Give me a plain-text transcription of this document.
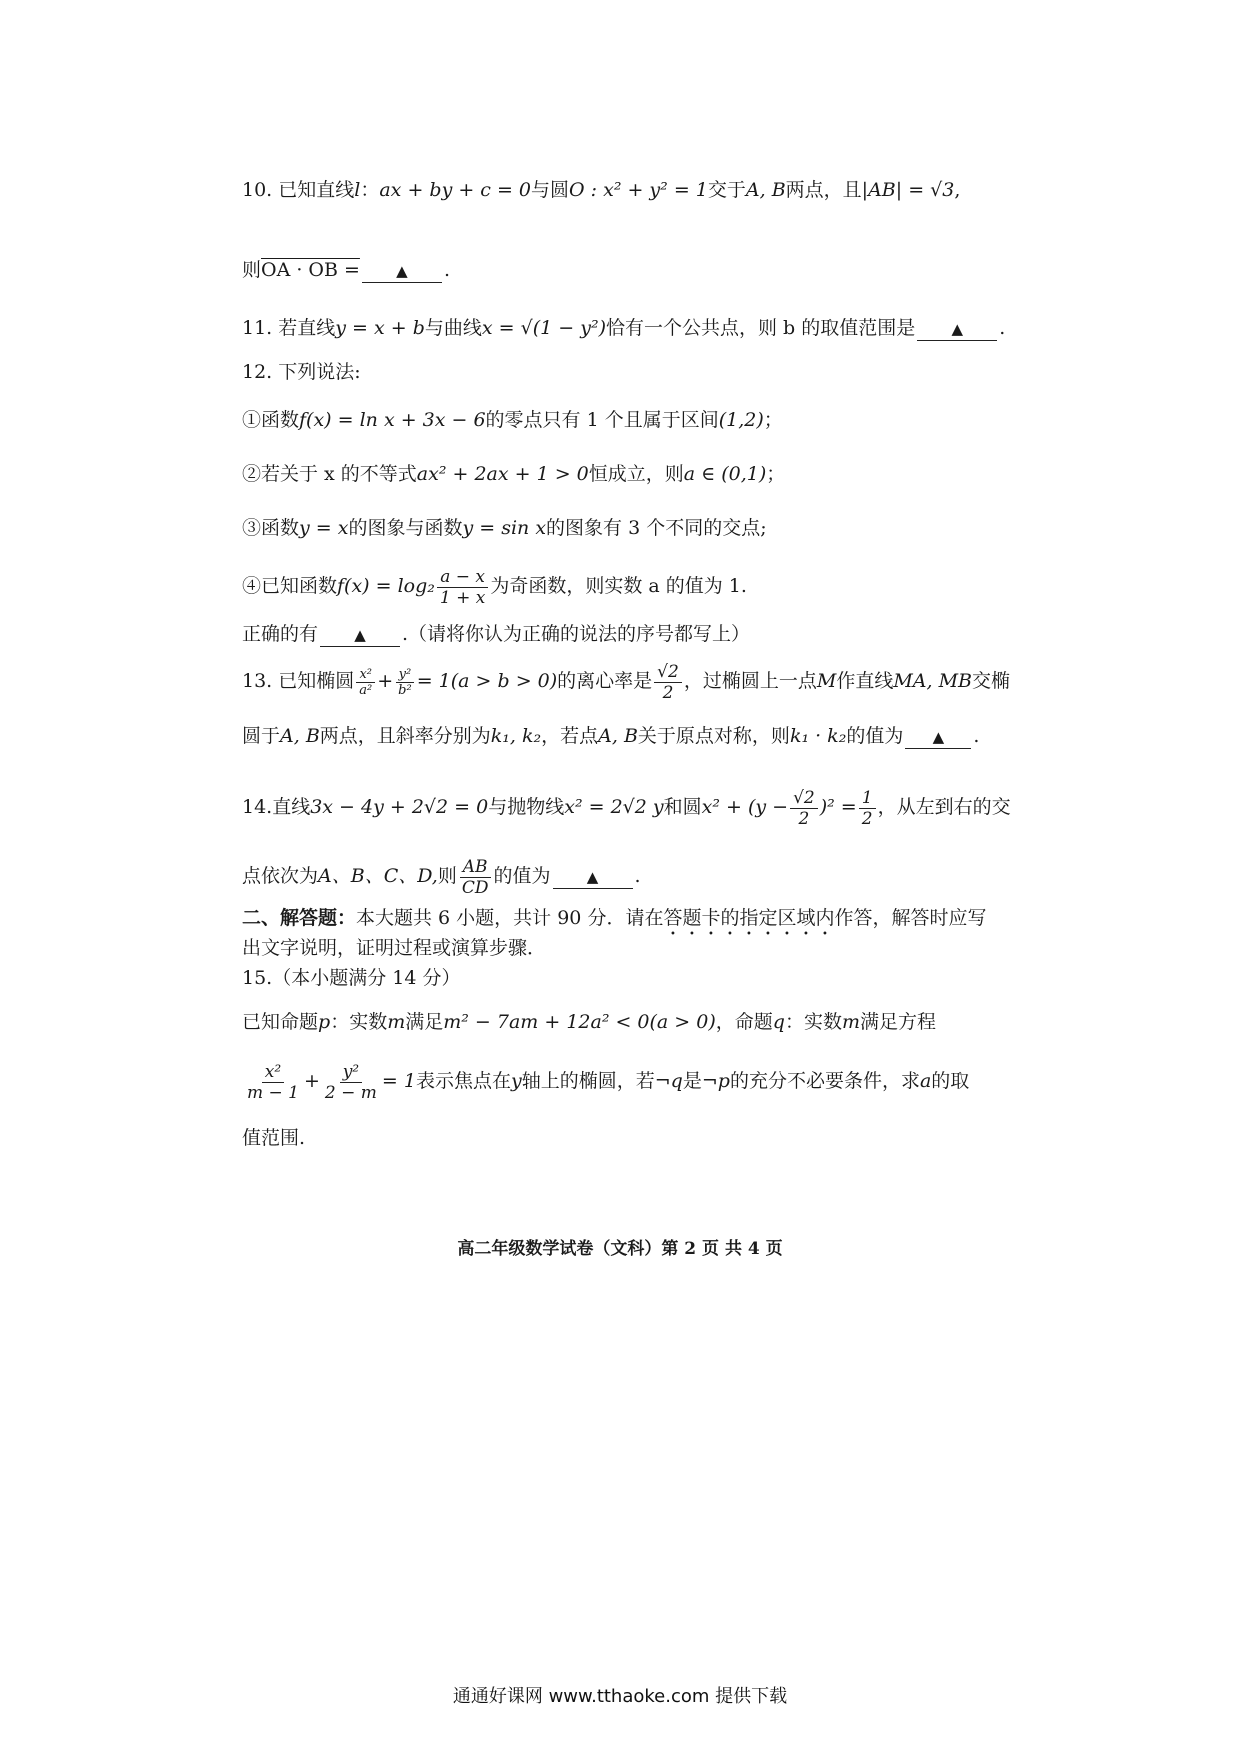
10. 已知直线l：ax + by + c = 0与圆O : x² + y² = 1交于A, B两点，且|AB| = √3,
则OA · OB = ▲ .
11. 若直线y = x + b与曲线x = √(1 − y²)恰有一个公共点，则 b 的取值范围是 ▲ .
12. 下列说法:
①函数f(x) = ln x + 3x − 6的零点只有 1 个且属于区间(1,2)；
②若关于 x 的不等式ax² + 2ax + 1 > 0恒成立，则a ∈ (0,1)；
③函数y = x的图象与函数y = sin x的图象有 3 个不同的交点;
④已知函数$f(x) = \log_2 \frac{a - x}{1 + x}$ 为奇函数，则实数 a 的值为 1.
正确的有 ▲ .（请将你认为正确的说法的序号都写上）
13. 已知椭圆 $\frac{\text{x²}}{\text{a²}} + \frac{\text{y²}}{\text{b²}} = 1(a > b > 0)$的离心率是 $\frac{√2}{2}$ ，过椭圆上一点M作直线MA, MB交椭
圆于A, B两点，且斜率分别为k₁, k₂，若点A, B关于原点对称，则k₁ · k₂的值为 ▲ .
14.直线3x − 4y + 2√2 = 0与抛物线x² = 2√2 y和圆$x^2 + (y - \frac{√2}{2} )^2 = \frac{1}{2}$ ，从左到右的交
点依次为A、B、C、D,则 $\frac{AB}{CD}$ 的值为 ▲ .
二、解答题：本大题共 6 小题，共计 90 分．请在答题卡的指定区域内作答，解答时应写
出文字说明，证明过程或演算步骤．
15.（本小题满分 14 分）
已知命题p：实数m满足m² − 7am + 12a² < 0(a > 0)，命题q：实数m满足方程
$\frac{\text{x²}}{m - 1} + \frac{\text{y²}}{2 - m} = 1$表示焦点在y轴上的椭圆，若¬q是¬p的充分不必要条件，求a的取
值范围.
高二年级数学试卷（文科）第 2 页 共 4 页
通通好课网 www.tthaoke.com 提供下载
